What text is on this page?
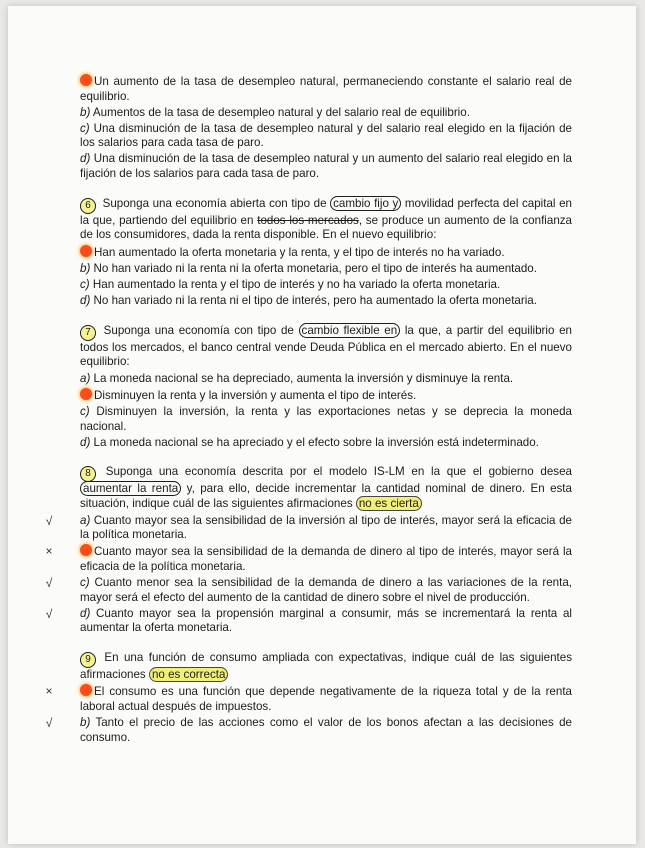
Un aumento de la tasa de desempleo natural, permaneciendo constante el salario real de equilibrio.
b) Aumentos de la tasa de desempleo natural y del salario real de equilibrio.
c) Una disminución de la tasa de desempleo natural y del salario real elegido en la fijación de los salarios para cada tasa de paro.
d) Una disminución de la tasa de desempleo natural y un aumento del salario real elegido en la fijación de los salarios para cada tasa de paro.
6 Suponga una economía abierta con tipo de cambio fijo y movilidad perfecta del capital en la que, partiendo del equilibrio en todos los mercados, se produce un aumento de la confianza de los consumidores, dada la renta disponible. En el nuevo equilibrio:
Han aumentado la oferta monetaria y la renta, y el tipo de interés no ha variado.
b) No han variado ni la renta ni la oferta monetaria, pero el tipo de interés ha aumentado.
c) Han aumentado la renta y el tipo de interés y no ha variado la oferta monetaria.
d) No han variado ni la renta ni el tipo de interés, pero ha aumentado la oferta monetaria.
7 Suponga una economía con tipo de cambio flexible en la que, a partir del equilibrio en todos los mercados, el banco central vende Deuda Pública en el mercado abierto. En el nuevo equilibrio:
a) La moneda nacional se ha depreciado, aumenta la inversión y disminuye la renta.
Disminuyen la renta y la inversión y aumenta el tipo de interés.
c) Disminuyen la inversión, la renta y las exportaciones netas y se deprecia la moneda nacional.
d) La moneda nacional se ha apreciado y el efecto sobre la inversión está indeterminado.
8 Suponga una economía descrita por el modelo IS-LM en la que el gobierno desea aumentar la renta y, para ello, decide incrementar la cantidad nominal de dinero. En esta situación, indique cuál de las siguientes afirmaciones no es cierta
√	a) Cuanto mayor sea la sensibilidad de la inversión al tipo de interés, mayor será la eficacia de la política monetaria.
×	Cuanto mayor sea la sensibilidad de la demanda de dinero al tipo de interés, mayor será la eficacia de la política monetaria.
√	c) Cuanto menor sea la sensibilidad de la demanda de dinero a las variaciones de la renta, mayor será el efecto del aumento de la cantidad de dinero sobre el nivel de producción.
√	d) Cuanto mayor sea la propensión marginal a consumir, más se incrementará la renta al aumentar la oferta monetaria.
9 En una función de consumo ampliada con expectativas, indique cuál de las siguientes afirmaciones no es correcta
×	El consumo es una función que depende negativamente de la riqueza total y de la renta laboral actual después de impuestos.
√	b) Tanto el precio de las acciones como el valor de los bonos afectan a las decisiones de consumo.
